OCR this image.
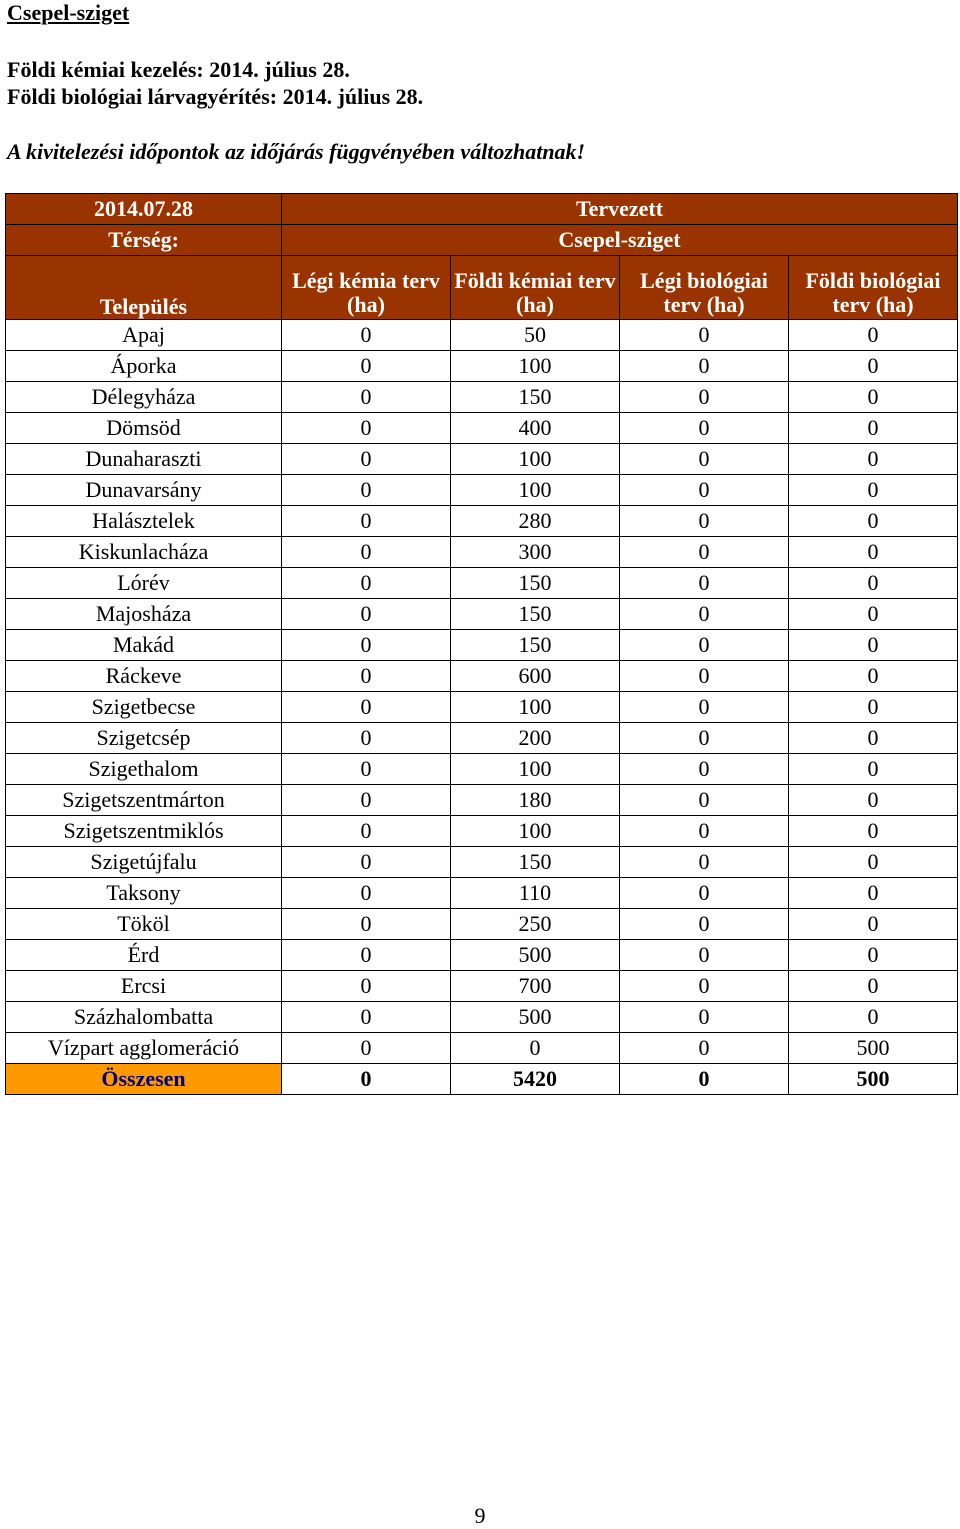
Csepel-sziget
Földi kémiai kezelés: 2014. július 28.
Földi biológiai lárvagyérítés: 2014. július 28.
A kivitelezési időpontok az időjárás függvényében változhatnak!
2014.07.28	Tervezett			
Térség:	Csepel-sziget			
Település	Légi kémia terv (ha)	Földi kémiai terv (ha)	Légi biológiai terv (ha)	Földi biológiai terv (ha)
Apaj	0	50	0	0
Áporka	0	100	0	0
Délegyháza	0	150	0	0
Dömsöd	0	400	0	0
Dunaharaszti	0	100	0	0
Dunavarsány	0	100	0	0
Halásztelek	0	280	0	0
Kiskunlacháza	0	300	0	0
Lórév	0	150	0	0
Majosháza	0	150	0	0
Makád	0	150	0	0
Ráckeve	0	600	0	0
Szigetbecse	0	100	0	0
Szigetcsép	0	200	0	0
Szigethalom	0	100	0	0
Szigetszentmárton	0	180	0	0
Szigetszentmiklós	0	100	0	0
Szigetújfalu	0	150	0	0
Taksony	0	110	0	0
Tököl	0	250	0	0
Érd	0	500	0	0
Ercsi	0	700	0	0
Százhalombatta	0	500	0	0
Vízpart agglomeráció	0	0	0	500
Összesen	0	5420	0	500
9
